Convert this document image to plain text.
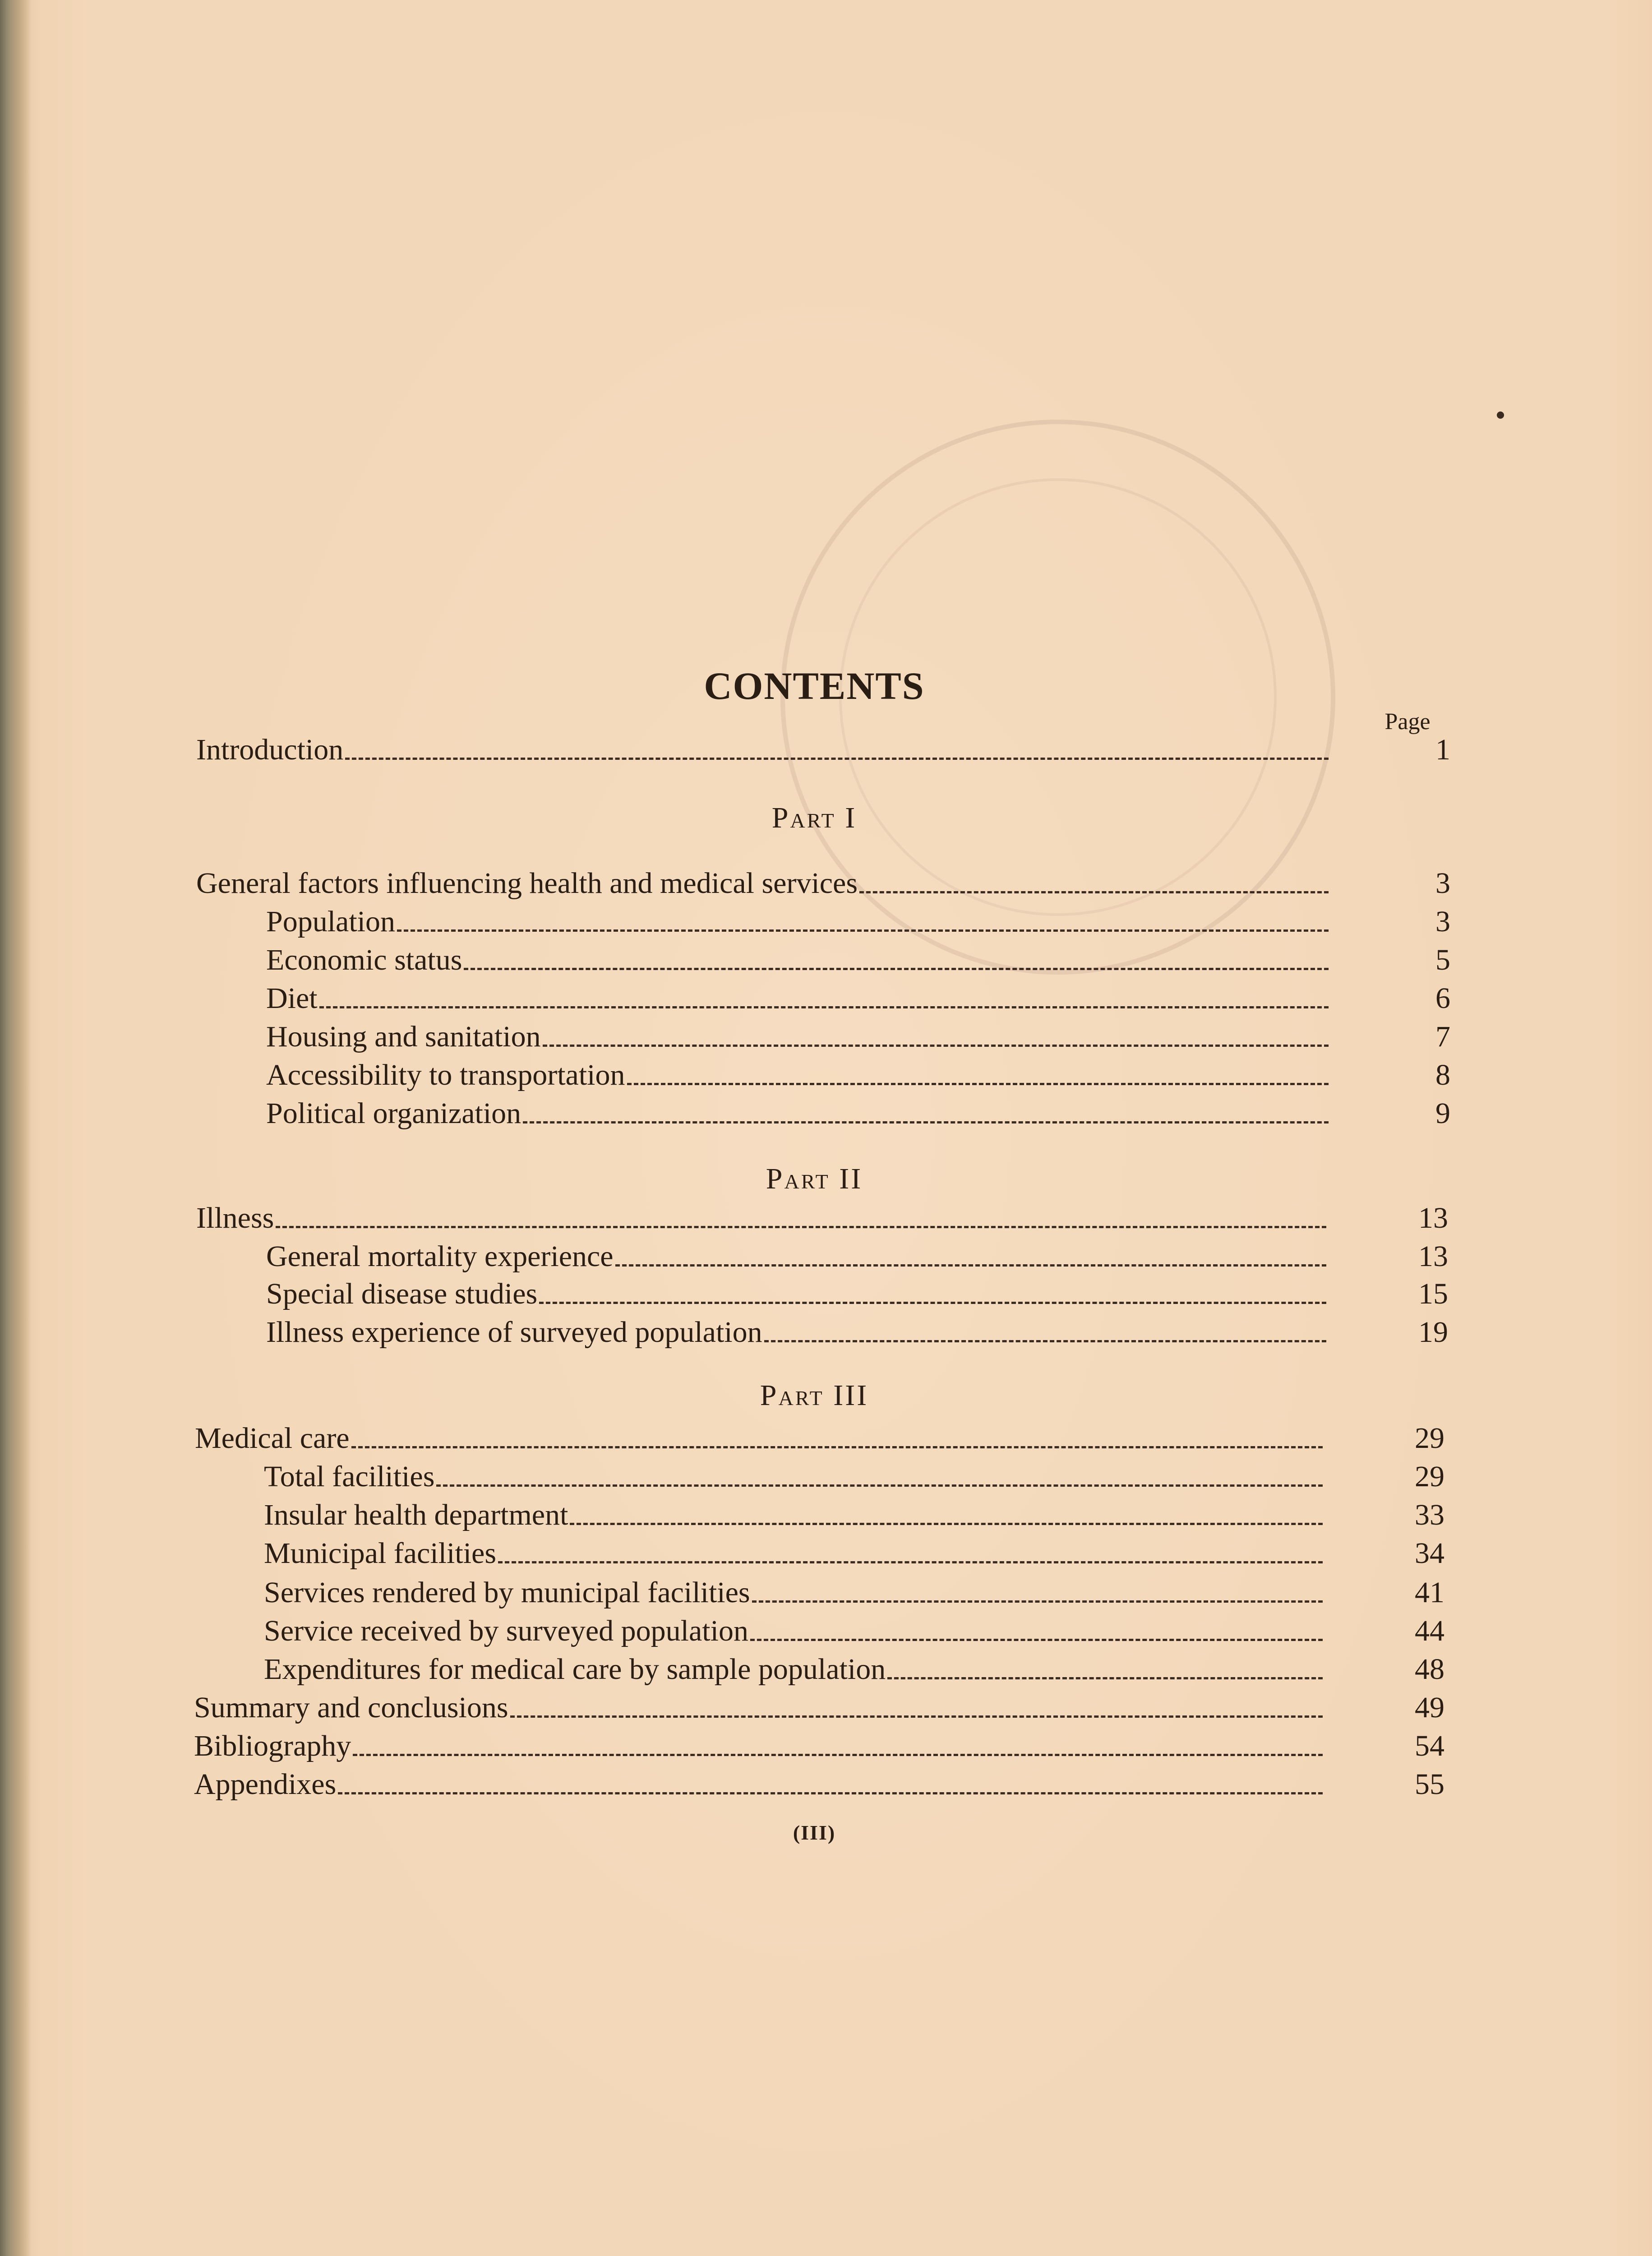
CONTENTS
Page
Introduction	1
Part I
General factors influencing health and medical services	3
Population	3
Economic status	5
Diet	6
Housing and sanitation	7
Accessibility to transportation	8
Political organization	9
Part II
Illness	13
General mortality experience	13
Special disease studies	15
Illness experience of surveyed population	19
Part III
Medical care	29
Total facilities	29
Insular health department	33
Municipal facilities	34
Services rendered by municipal facilities	41
Service received by surveyed population	44
Expenditures for medical care by sample population	48
Summary and conclusions	49
Bibliography	54
Appendixes	55
(III)
